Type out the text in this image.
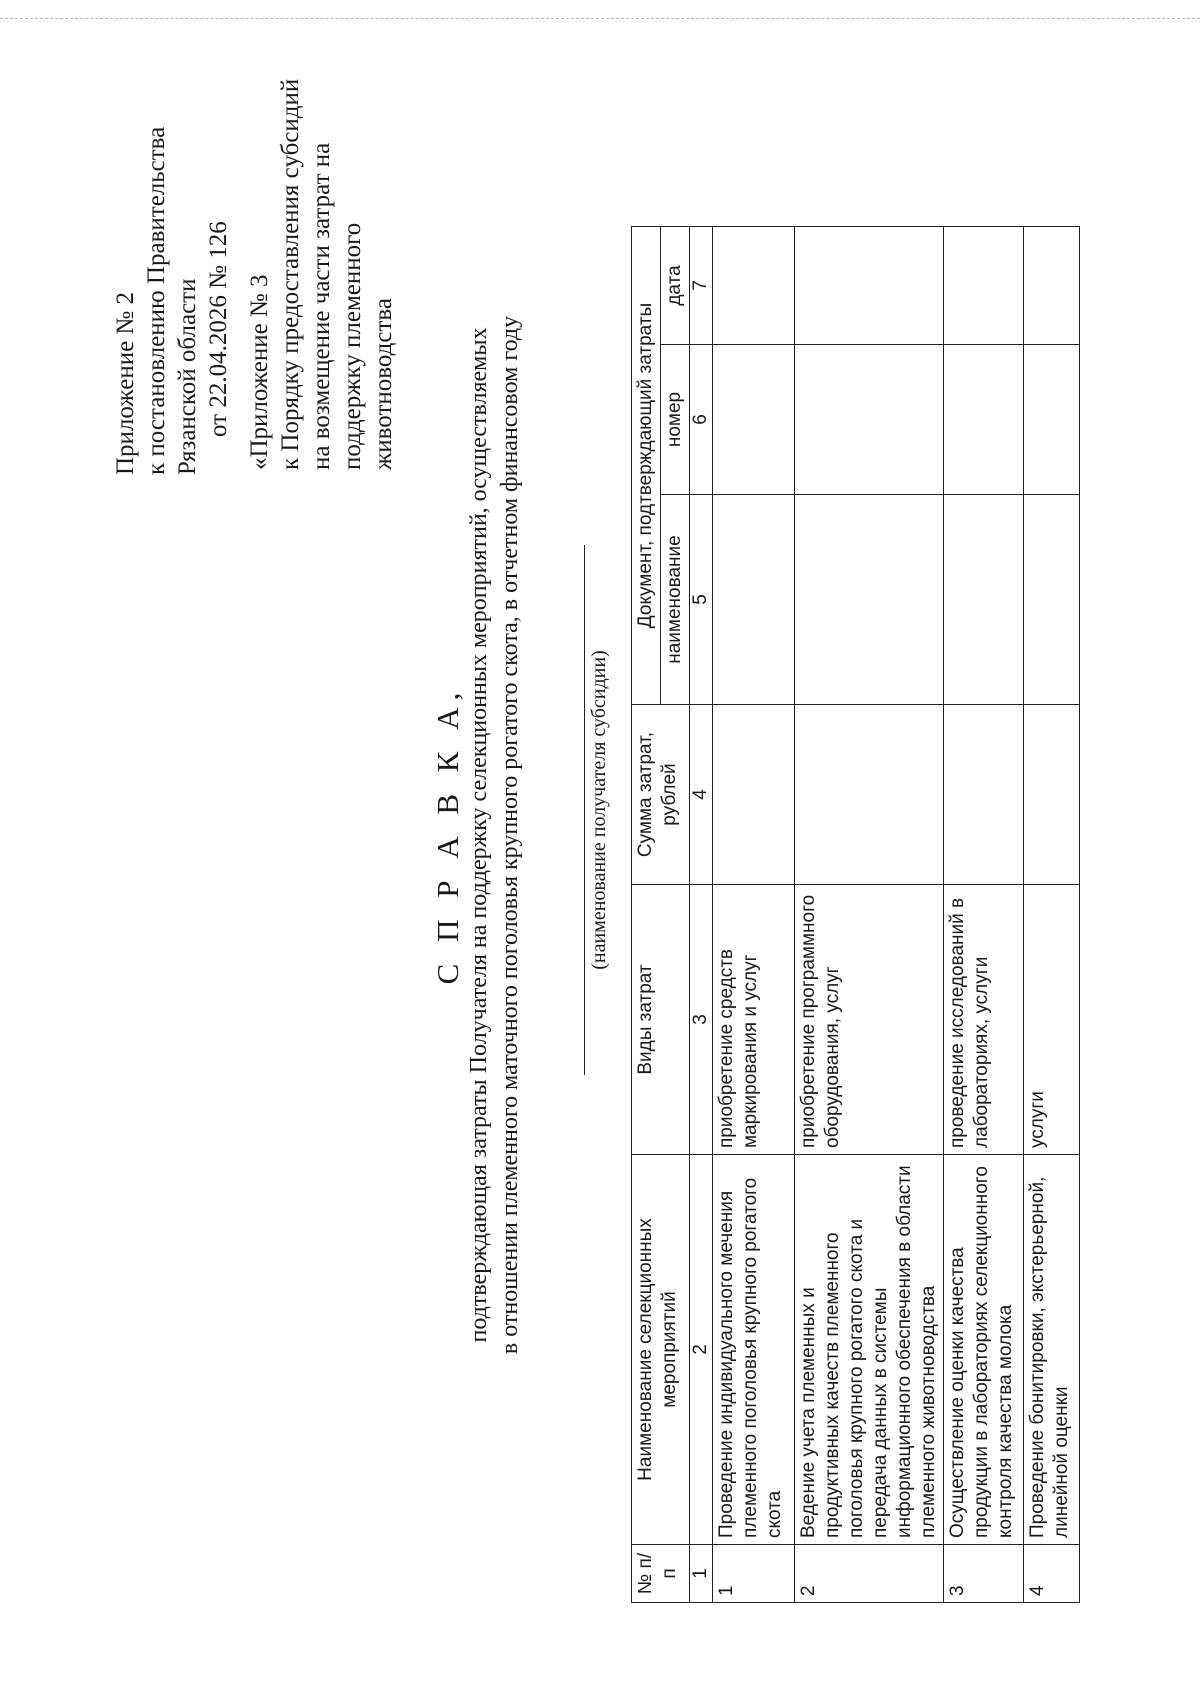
Приложение № 2 к постановлению Правительства Рязанской области от 22.04.2026 № 126 «Приложение № 3 к Порядку предоставления субсидий на возмещение части затрат на поддержку племенного животноводства
С П Р А В К А, подтверждающая затраты Получателя на поддержку селекционных мероприятий, осуществляемых в отношении племенного маточного поголовья крупного рогатого скота, в отчетном финансовом году	(наименование получателя субсидии)
№ п/п	Наименование селекционных мероприятий	Виды затрат	Сумма затрат, рублей	Документ, подтверждающий затраты		
				наименование	номер	дата
1	2	3	4	5	6	7
1	Проведение индивидуального мечения племенного поголовья крупного рогатого скота	приобретение средств маркирования и услуг				
2	Ведение учета племенных и продуктивных качеств племенного поголовья крупного рогатого скота и передача данных в системы информационного обеспечения в области племенного животноводства	приобретение программного оборудования, услуг				
3	Осуществление оценки качества продукции в лабораториях селекционного контроля качества молока	проведение исследований в лабораториях, услуги				
4	Проведение бонитировки, экстерьерной, линейной оценки	услуги				
